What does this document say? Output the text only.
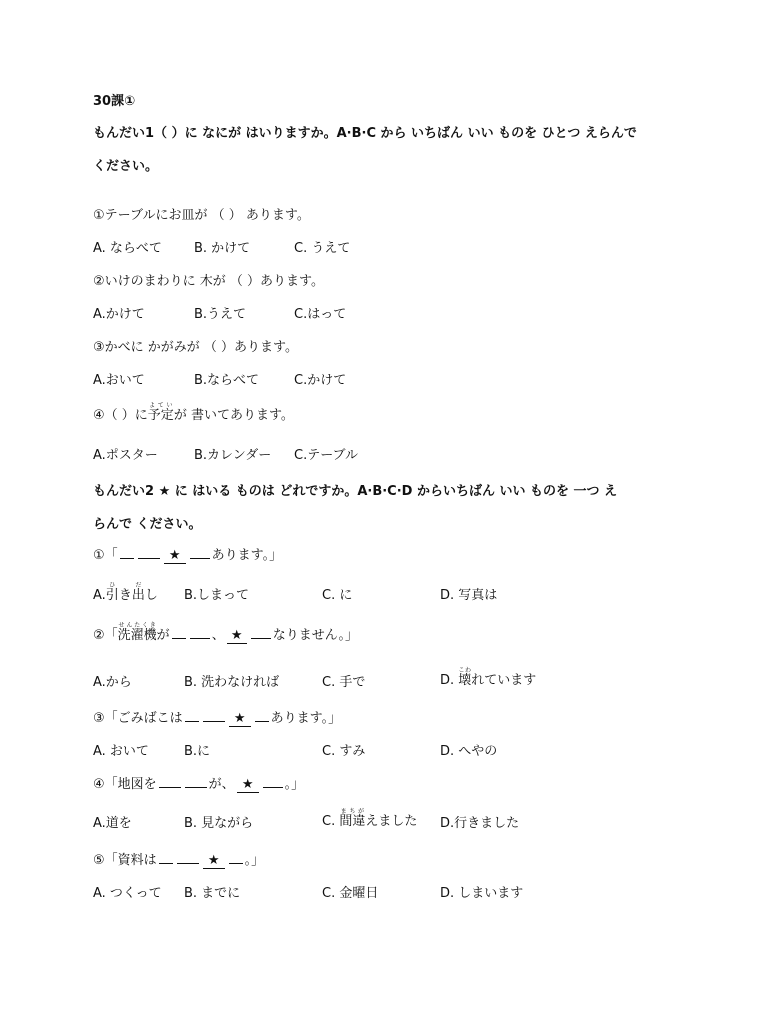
30課①
もんだい1（ ）に なにが はいりますか。A·B·C から いちばん いい ものを ひとつ えらんで
ください。
①テーブルにお皿が （ ） あります。
A. ならべて B. かけて	C. うえて
②いけのまわりに 木が （ ）あります。
A.かけて	B.うえて	C.はって
③かべに かがみが （ ）あります。
A.おいて	B.ならべて	C.かけて
④（ ）に予定よていが 書いてあります。
A.ポスター	B.カレンダー C.テーブル
もんだい2 ★ に はいる ものは どれですか。A·B·C·D からいちばん いい ものを 一つ え
らんで ください。
①「	★ あります。」
A.引ひき出だし B.しまって	C. に	D. 写真は
②「洗濯機せんたくきが	、 ★ なりません。」
A.から	B. 洗わなければ	C. 手で	D. 壊こわれています
③「ごみばこは	★ あります。」
A. おいて	B.に	C. すみ	D. へやの
④「地図を	が、 ★ 。」
A.道を	B. 見ながら	C. 間違まちがえました D.行きました
⑤「資料は	★ 。」
A. つくって B. までに	C. 金曜日	D. しまいます
